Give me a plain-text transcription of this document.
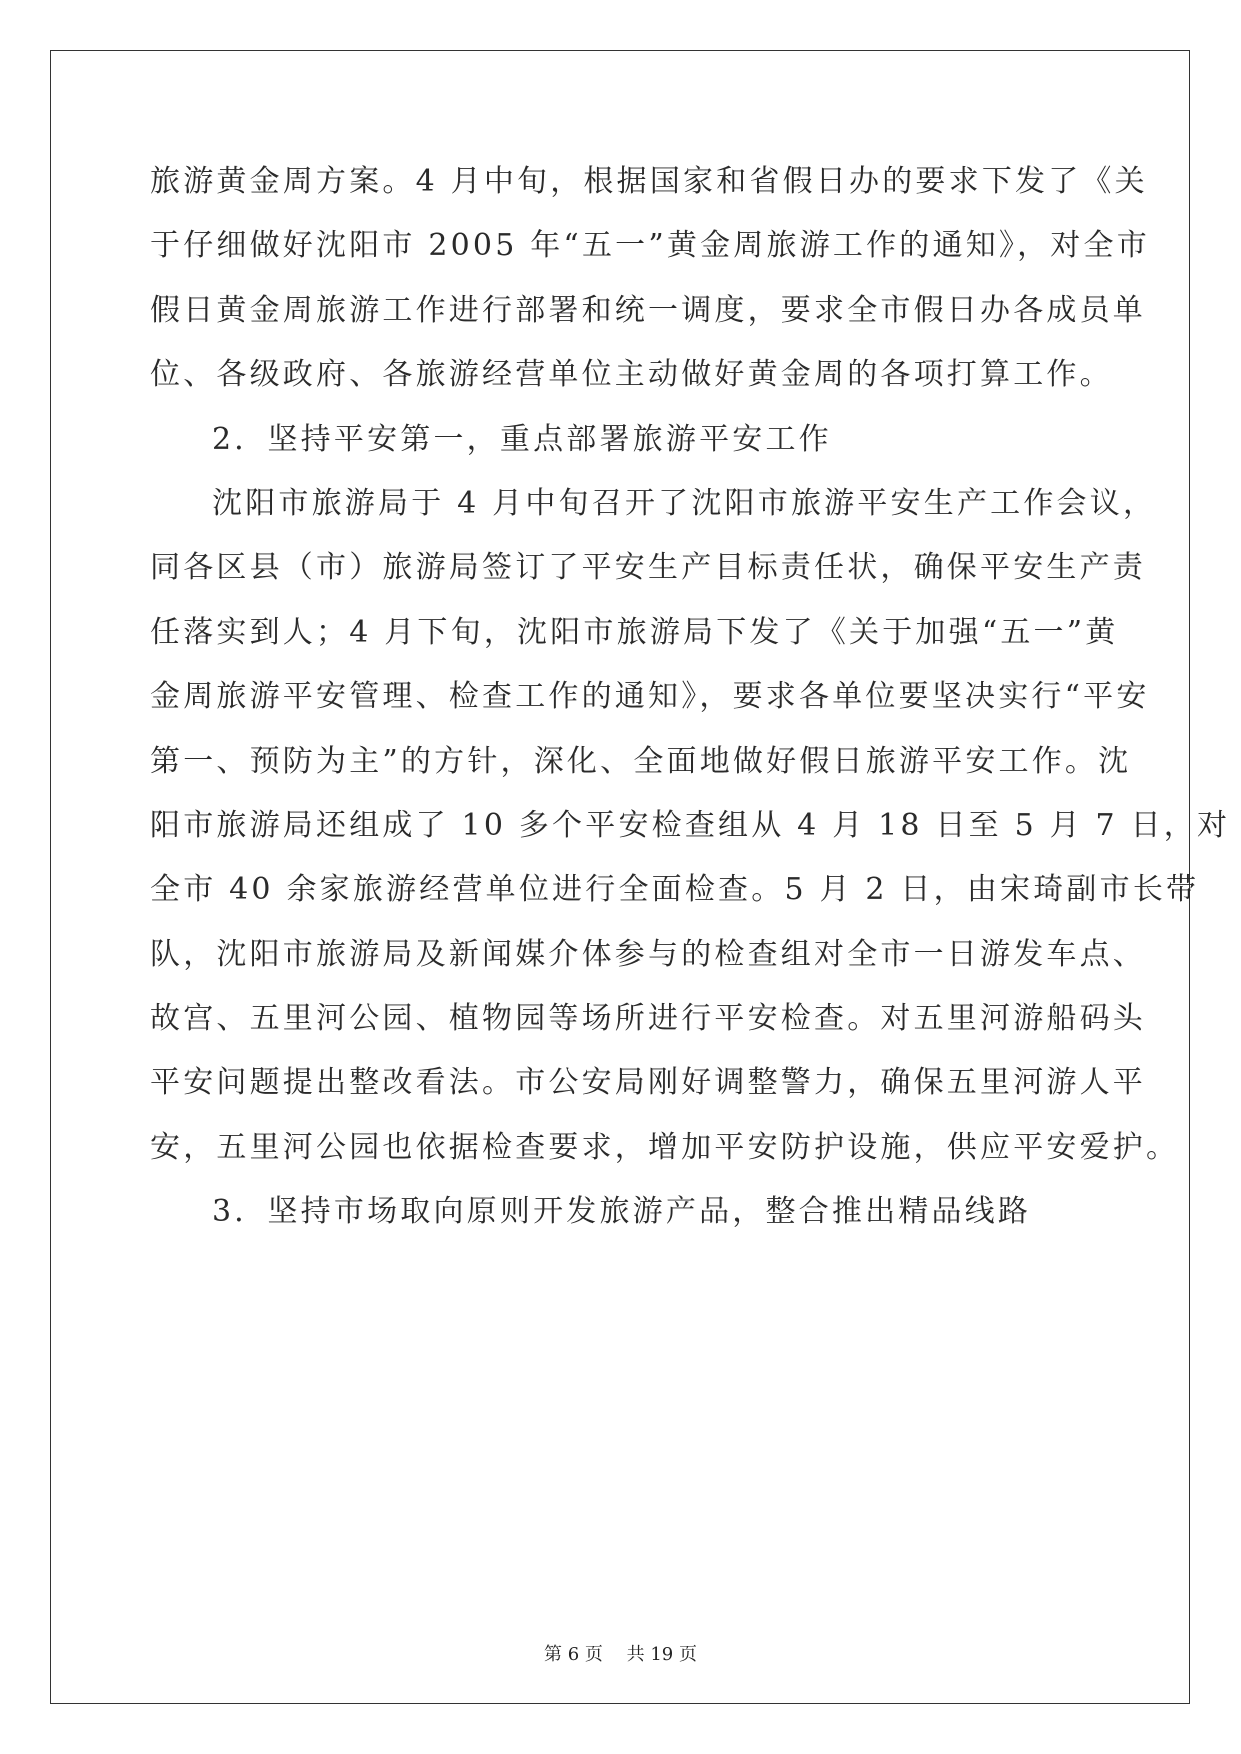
旅游黄金周方案。4 月中旬，根据国家和省假日办的要求下发了《关
于仔细做好沈阳市 2005 年“五一”黄金周旅游工作的通知》，对全市
假日黄金周旅游工作进行部署和统一调度，要求全市假日办各成员单
位、各级政府、各旅游经营单位主动做好黄金周的各项打算工作。
2．坚持平安第一，重点部署旅游平安工作
沈阳市旅游局于 4 月中旬召开了沈阳市旅游平安生产工作会议，
同各区县（市）旅游局签订了平安生产目标责任状，确保平安生产责
任落实到人；4 月下旬，沈阳市旅游局下发了《关于加强“五一”黄
金周旅游平安管理、检查工作的通知》，要求各单位要坚决实行“平安
第一、预防为主”的方针，深化、全面地做好假日旅游平安工作。沈
阳市旅游局还组成了 10 多个平安检查组从 4 月 18 日至 5 月 7 日，对
全市 40 余家旅游经营单位进行全面检查。5 月 2 日，由宋琦副市长带
队，沈阳市旅游局及新闻媒介体参与的检查组对全市一日游发车点、
故宫、五里河公园、植物园等场所进行平安检查。对五里河游船码头
平安问题提出整改看法。市公安局刚好调整警力，确保五里河游人平
安，五里河公园也依据检查要求，增加平安防护设施，供应平安爱护。
3．坚持市场取向原则开发旅游产品，整合推出精品线路
第 6 页　 共 19 页
